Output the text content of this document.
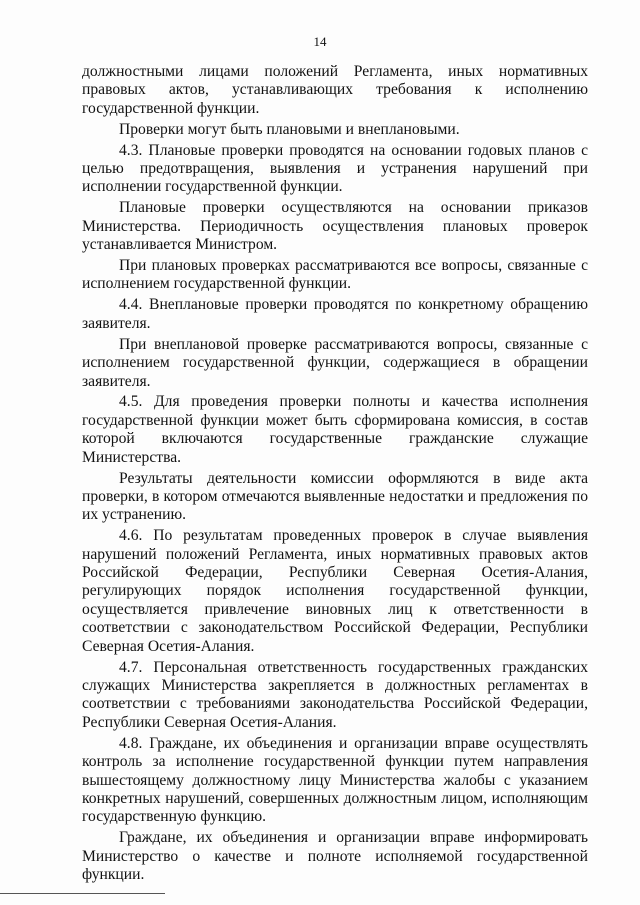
14

должностными лицами положений Регламента, иных нормативных правовых актов, устанавливающих требования к исполнению государственной функции.

Проверки могут быть плановыми и внеплановыми.

4.3. Плановые проверки проводятся на основании годовых планов с целью предотвращения, выявления и устранения нарушений при исполнении государственной функции.

Плановые проверки осуществляются на основании приказов Министерства. Периодичность осуществления плановых проверок устанавливается Министром.

При плановых проверках рассматриваются все вопросы, связанные с исполнением государственной функции.

4.4. Внеплановые проверки проводятся по конкретному обращению заявителя.

При внеплановой проверке рассматриваются вопросы, связанные с исполнением государственной функции, содержащиеся в обращении заявителя.

4.5. Для проведения проверки полноты и качества исполнения государственной функции может быть сформирована комиссия, в состав которой включаются государственные гражданские служащие Министерства.

Результаты деятельности комиссии оформляются в виде акта проверки, в котором отмечаются выявленные недостатки и предложения по их устранению.

4.6. По результатам проведенных проверок в случае выявления нарушений положений Регламента, иных нормативных правовых актов Российской Федерации, Республики Северная Осетия-Алания, регулирующих порядок исполнения государственной функции, осуществляется привлечение виновных лиц к ответственности в соответствии с законодательством Российской Федерации, Республики Северная Осетия-Алания.

4.7. Персональная ответственность государственных гражданских служащих Министерства закрепляется в должностных регламентах в соответствии с требованиями законодательства Российской Федерации, Республики Северная Осетия-Алания.

4.8. Граждане, их объединения и организации вправе осуществлять контроль за исполнение государственной функции путем направления вышестоящему должностному лицу Министерства жалобы с указанием конкретных нарушений, совершенных должностным лицом, исполняющим государственную функцию.

Граждане, их объединения и организации вправе информировать Министерство о качестве и полноте исполняемой государственной функции.
